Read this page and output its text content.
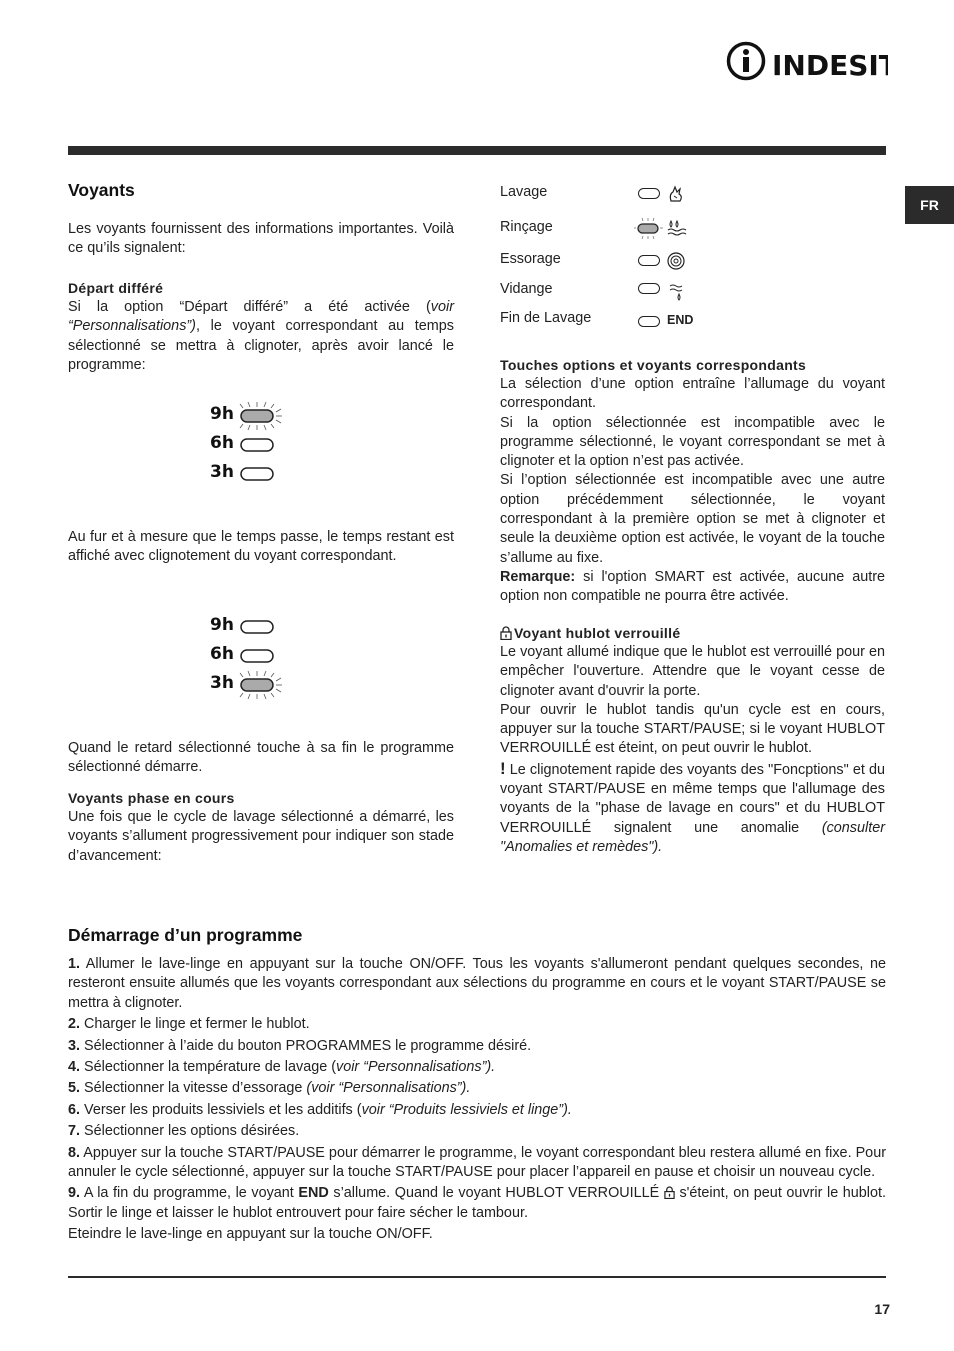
INDESIT
FR
Voyants

Les voyants fournissent des informations importantes. Voilà ce qu’ils signalent:

Départ différé

Si la option “Départ différé” a été activée (voir “Personnalisations”), le voyant correspondant au temps sélectionné se mettra à clignoter, après avoir lancé le programme:

9h
6h
3h

Au fur et à mesure que le temps passe, le temps restant est affiché avec clignotement du voyant correspondant.

9h
6h
3h

Quand le retard sélectionné touche à sa fin le programme sélectionné démarre.

Voyants phase en cours

Une fois que le cycle de lavage sélectionné a démarré, les voyants s’allument progressivement pour indiquer son stade d’avancement:

Lavage
Rinçage
Essorage
Vidange
Fin de Lavage	END
Touches options et voyants correspondants

La sélection d’une option entraîne l’allumage du voyant correspondant.

Si la option sélectionnée est incompatible avec le programme sélectionné, le voyant correspondant se met à clignoter et la option n’est pas activée.

Si l’option sélectionnée est incompatible avec une autre option précédemment sélectionnée, le voyant correspondant à la première option se met à clignoter et seule la deuxième option est activée, le voyant de la touche s’allume au fixe.

Remarque: si l'option SMART est activée, aucune autre option non compatible ne pourra être activée.

Voyant hublot verrouillé

Le voyant allumé indique que le hublot est verrouillé pour en empêcher l'ouverture. Attendre que le voyant cesse de clignoter avant d'ouvrir la porte.

Pour ouvrir le hublot tandis qu'un cycle est en cours, appuyer sur la touche START/PAUSE; si le voyant HUBLOT VERROUILLÉ est éteint, on peut ouvrir le hublot.

! Le clignotement rapide des voyants des "Foncptions" et du voyant START/PAUSE en même temps que l'allumage des voyants de la "phase de lavage en cours" et du HUBLOT VERROUILLÉ signalent une anomalie (consulter "Anomalies et remèdes").

Démarrage d’un programme
1. Allumer le lave-linge en appuyant sur la touche ON/OFF. Tous les voyants s'allumeront pendant quelques secondes, ne resteront ensuite allumés que les voyants correspondant aux sélections du programme en cours et le voyant START/PAUSE se mettra à clignoter.
2. Charger le linge et fermer le hublot.
3. Sélectionner à l’aide du bouton PROGRAMMES le programme désiré.
4. Sélectionner la température de lavage (voir “Personnalisations”).
5. Sélectionner la vitesse d’essorage (voir “Personnalisations”).
6. Verser les produits lessiviels et les additifs (voir “Produits lessiviels et linge”).
7. Sélectionner les options désirées.
8. Appuyer sur la touche START/PAUSE pour démarrer le programme, le voyant correspondant bleu restera allumé en fixe. Pour annuler le cycle sélectionné, appuyer sur la touche START/PAUSE pour placer l’appareil en pause et choisir un nouveau cycle.
9. A la fin du programme, le voyant END s’allume. Quand le voyant HUBLOT VERROUILLÉ  s'éteint, on peut ouvrir le hublot. Sortir le linge et laisser le hublot entrouvert pour faire sécher le tambour.
Eteindre le lave-linge en appuyant sur la touche ON/OFF.
17
